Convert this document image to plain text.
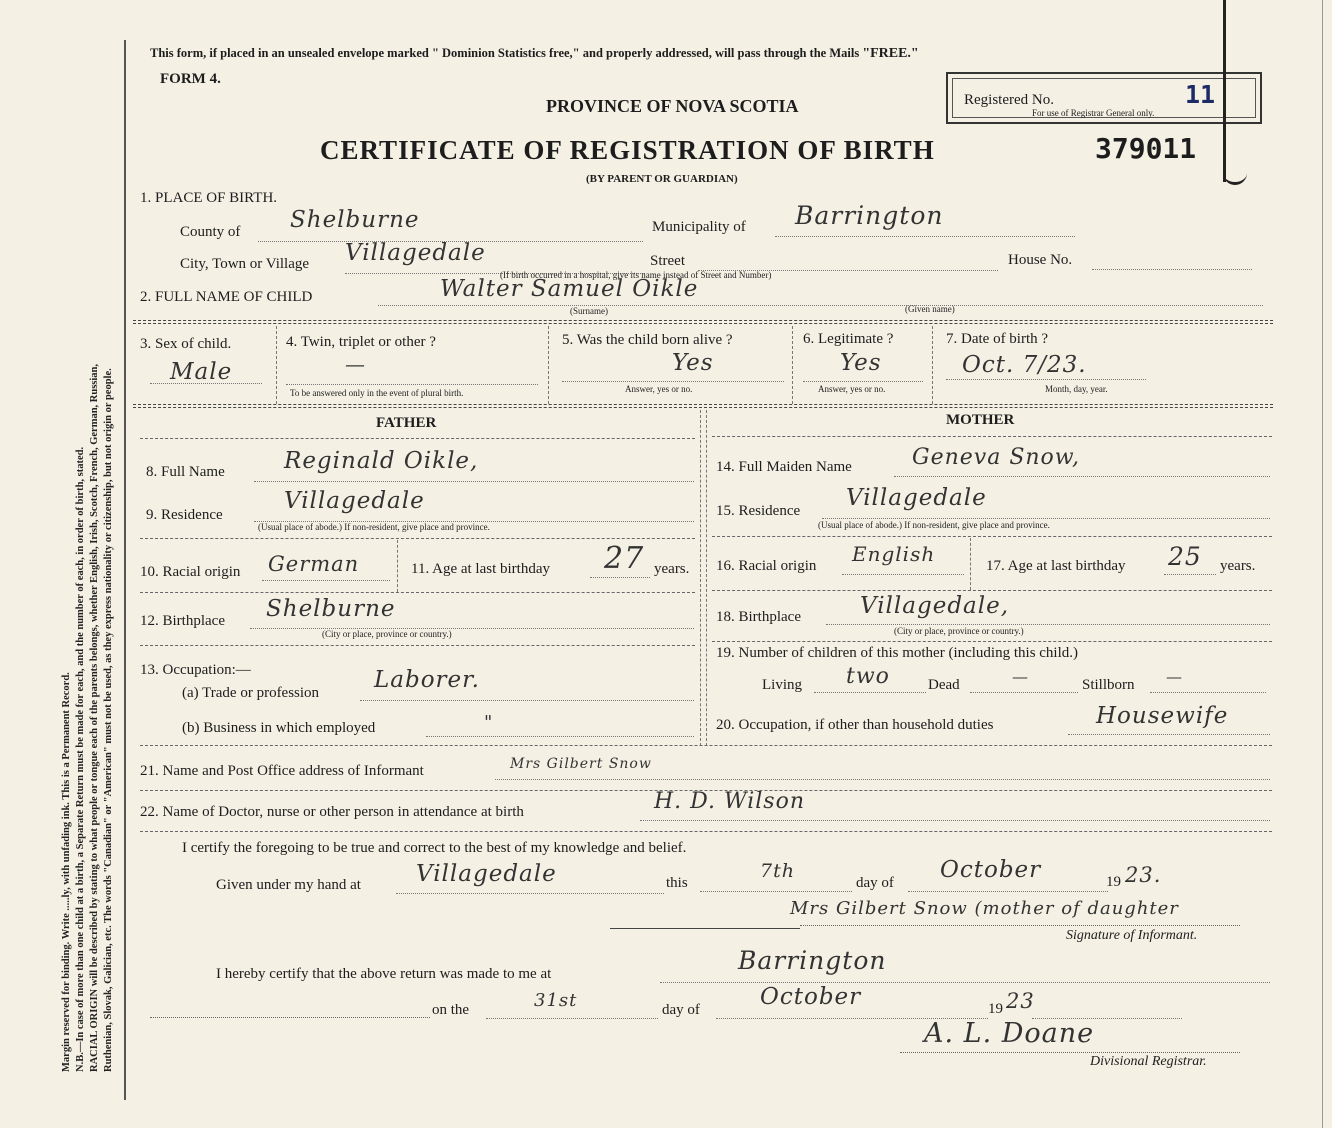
Margin reserved for binding. Write .....ly, with unfading ink. This is a Permanent Record. N.B.—In case of more than one child at a birth, a Separate Return must be made for each, and the number of each, in order of birth, stated. RACIAL ORIGIN will be described by stating to what people or tongue each of the parents belongs, whether English, Irish, Scotch, French, German, Russian, Ruthenian, Slovak, Galician, etc. The words "Canadian" or "American" must not be used, as they express nationality or citizenship, but not origin or people.
This form, if placed in an unsealed envelope marked " Dominion Statistics free," and properly addressed, will pass through the Mails "FREE."
FORM 4.
PROVINCE OF NOVA SCOTIA
CERTIFICATE OF REGISTRATION OF BIRTH	379011
(BY PARENT OR GUARDIAN)
Registered No.	11
For use of Registrar General only.
1. PLACE OF BIRTH.
County of Shelburne	Municipality of Barrington
City, Town or Village Villagedale	Street	House No.
(If birth occurred in a hospital, give its name instead of Street and Number)
2. FULL NAME OF CHILD	Walter Samuel Oikle
(Surname)	(Given name)
3. Sex of child.
Male
4. Twin, triplet or other ?
—
To be answered only in the event of plural birth.
5. Was the child born alive ?
Yes
Answer, yes or no.
6. Legitimate ?
Yes
Answer, yes or no.
7. Date of birth ?
Oct. 7/23.
Month, day, year.
FATHER	MOTHER
8. Full Name	Reginald Oikle,
9. Residence
Villagedale
(Usual place of abode.) If non-resident, give place and province.
10. Racial origin German	11. Age at last birthday 27 years.
12. Birthplace Shelburne
(City or place, province or country.)
13. Occupation:—
(a) Trade or profession Laborer.
(b) Business in which employed	"
14. Full Maiden Name	Geneva Snow,
15. Residence Villagedale
(Usual place of abode.) If non-resident, give place and province.
16. Racial origin English	17. Age at last birthday 25 years.
18. Birthplace	Villagedale,
(City or place, province or country.)
19. Number of children of this mother (including this child.)
Living two	Dead	—	Stillborn —
20. Occupation, if other than household duties	Housewife
21. Name and Post Office address of Informant	Mrs Gilbert Snow
22. Name of Doctor, nurse or other person in attendance at birth	H. D. Wilson
I certify the foregoing to be true and correct to the best of my knowledge and belief.
Given under my hand at Villagedale	this
7th
day of October	19 23.
Mrs Gilbert Snow (mother of daughter
Signature of Informant.
I hereby certify that the above return was made to me at	Barrington
on the	31st	day of	October	19 23
A. L. Doane
Divisional Registrar.
